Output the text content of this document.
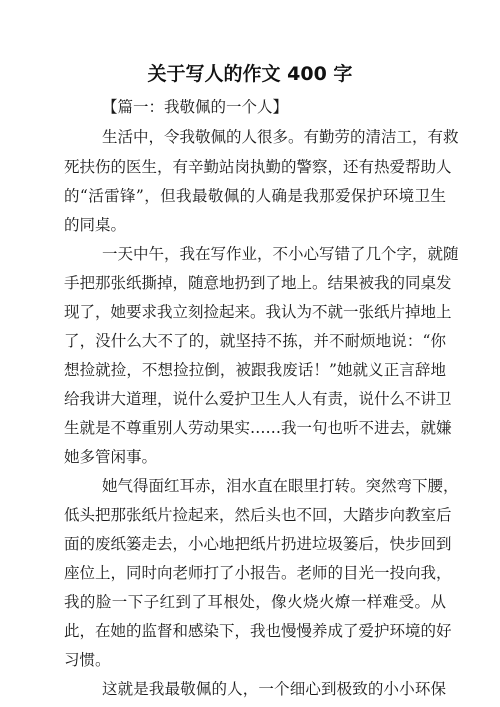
关于写人的作文 400 字
【篇一：我敬佩的一个人】
生活中，令我敬佩的人很多。有勤劳的清洁工，有救
死扶伤的医生，有辛勤站岗执勤的警察，还有热爱帮助人
的“活雷锋”，但我最敬佩的人确是我那爱保护环境卫生
的同桌。
一天中午，我在写作业，不小心写错了几个字，就随
手把那张纸撕掉，随意地扔到了地上。结果被我的同桌发
现了，她要求我立刻捡起来。我认为不就一张纸片掉地上
了，没什么大不了的，就坚持不拣，并不耐烦地说：“你
想捡就捡，不想捡拉倒，被跟我废话！”她就义正言辞地
给我讲大道理，说什么爱护卫生人人有责，说什么不讲卫
生就是不尊重别人劳动果实……我一句也听不进去，就嫌
她多管闲事。
她气得面红耳赤，泪水直在眼里打转。突然弯下腰，
低头把那张纸片捡起来，然后头也不回，大踏步向教室后
面的废纸篓走去，小心地把纸片扔进垃圾篓后，快步回到
座位上，同时向老师打了小报告。老师的目光一投向我，
我的脸一下子红到了耳根处，像火烧火燎一样难受。从
此，在她的监督和感染下，我也慢慢养成了爱护环境的好
习惯。
这就是我最敬佩的人，一个细心到极致的小小环保
